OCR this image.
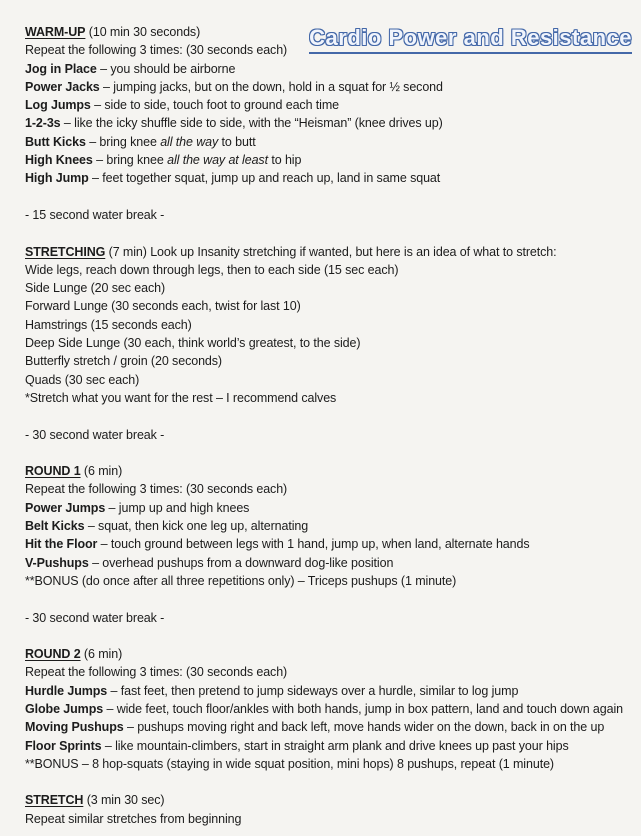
Cardio Power and Resistance
WARM-UP (10 min 30 seconds)
Repeat the following 3 times: (30 seconds each)
Jog in Place – you should be airborne
Power Jacks – jumping jacks, but on the down, hold in a squat for ½ second
Log Jumps – side to side, touch foot to ground each time
1-2-3s – like the icky shuffle side to side, with the “Heisman” (knee drives up)
Butt Kicks – bring knee all the way to butt
High Knees – bring knee all the way at least to hip
High Jump – feet together squat, jump up and reach up, land in same squat

- 15 second water break -

STRETCHING (7 min) Look up Insanity stretching if wanted, but here is an idea of what to stretch:
Wide legs, reach down through legs, then to each side (15 sec each)
Side Lunge (20 sec each)
Forward Lunge (30 seconds each, twist for last 10)
Hamstrings (15 seconds each)
Deep Side Lunge (30 each, think world’s greatest, to the side)
Butterfly stretch / groin (20 seconds)
Quads (30 sec each)
*Stretch what you want for the rest – I recommend calves

- 30 second water break -

ROUND 1 (6 min)
Repeat the following 3 times: (30 seconds each)
Power Jumps – jump up and high knees
Belt Kicks – squat, then kick one leg up, alternating
Hit the Floor – touch ground between legs with 1 hand, jump up, when land, alternate hands
V-Pushups – overhead pushups from a downward dog-like position
**BONUS (do once after all three repetitions only) – Triceps pushups (1 minute)

- 30 second water break -

ROUND 2 (6 min)
Repeat the following 3 times: (30 seconds each)
Hurdle Jumps – fast feet, then pretend to jump sideways over a hurdle, similar to log jump
Globe Jumps – wide feet, touch floor/ankles with both hands, jump in box pattern, land and touch down again
Moving Pushups – pushups moving right and back left, move hands wider on the down, back in on the up
Floor Sprints – like mountain-climbers, start in straight arm plank and drive knees up past your hips
**BONUS – 8 hop-squats (staying in wide squat position, mini hops) 8 pushups, repeat (1 minute)

STRETCH (3 min 30 sec)
Repeat similar stretches from beginning
